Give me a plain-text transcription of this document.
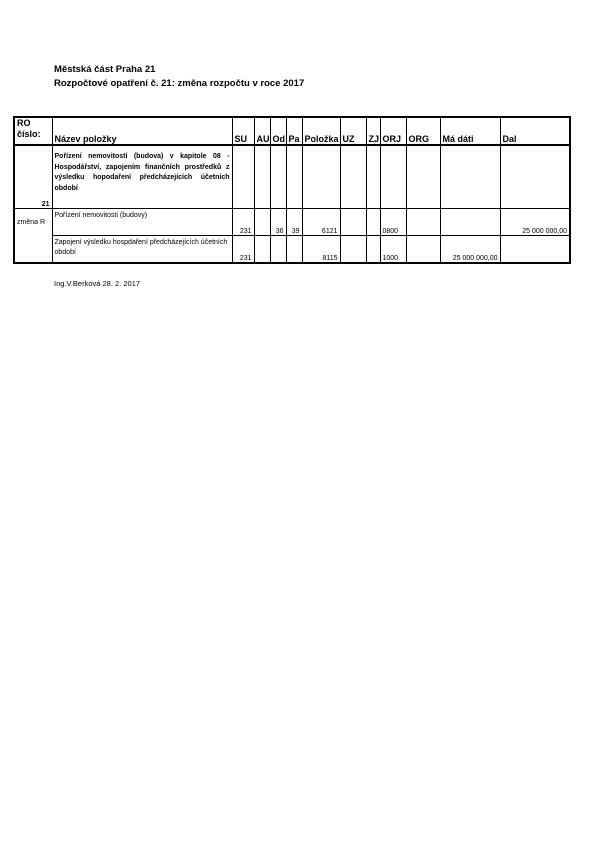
Městská část Praha 21
Rozpočtové opatření č. 21: změna rozpočtu v roce 2017
RO
číslo:	Název položky	SU	AU	Od	Pa	Položka	UZ	ZJ	ORJ	ORG	Má dáti	Dal
21	Pořízení nemovitosti (budova) v kapitole 08 - Hospodářství, zapojením finančních prostředků z výsledku hopodaření předcházejících účetních období											
změna R	Pořízení nemovitosti (budovy)	231		36	39	6121			0800			25 000 000,00
	Zapojení výsledku hospdaření předcházejících účetních období	231				8115			1000		25 000 000,00	
Ing.V.Berková 28. 2. 2017
